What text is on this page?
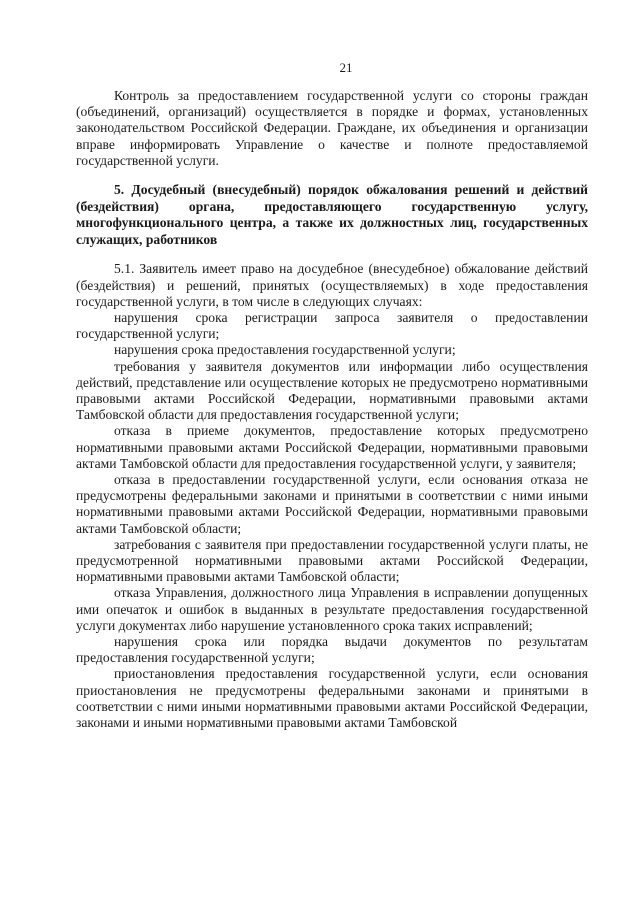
21

Контроль за предоставлением государственной услуги со стороны граждан (объединений, организаций) осуществляется в порядке и формах, установленных законодательством Российской Федерации. Граждане, их объединения и организации вправе информировать Управление о качестве и полноте предоставляемой государственной услуги.

5. Досудебный (внесудебный) порядок обжалования решений и действий (бездействия) органа, предоставляющего государственную услугу, многофункционального центра, а также их должностных лиц, государственных служащих, работников

5.1. Заявитель имеет право на досудебное (внесудебное) обжалование действий (бездействия) и решений, принятых (осуществляемых) в ходе предоставления государственной услуги, в том числе в следующих случаях:

нарушения срока регистрации запроса заявителя о предоставлении государственной услуги;

нарушения срока предоставления государственной услуги;

требования у заявителя документов или информации либо осуществления действий, представление или осуществление которых не предусмотрено нормативными правовыми актами Российской Федерации, нормативными правовыми актами Тамбовской области для предоставления государственной услуги;

отказа в приеме документов, предоставление которых предусмотрено нормативными правовыми актами Российской Федерации, нормативными правовыми актами Тамбовской области для предоставления государственной услуги, у заявителя;

отказа в предоставлении государственной услуги, если основания отказа не предусмотрены федеральными законами и принятыми в соответствии с ними иными нормативными правовыми актами Российской Федерации, нормативными правовыми актами Тамбовской области;

затребования с заявителя при предоставлении государственной услуги платы, не предусмотренной нормативными правовыми актами Российской Федерации, нормативными правовыми актами Тамбовской области;

отказа Управления, должностного лица Управления в исправлении допущенных ими опечаток и ошибок в выданных в результате предоставления государственной услуги документах либо нарушение установленного срока таких исправлений;

нарушения срока или порядка выдачи документов по результатам предоставления государственной услуги;

приостановления предоставления государственной услуги, если основания приостановления не предусмотрены федеральными законами и принятыми в соответствии с ними иными нормативными правовыми актами Российской Федерации, законами и иными нормативными правовыми актами Тамбовской
